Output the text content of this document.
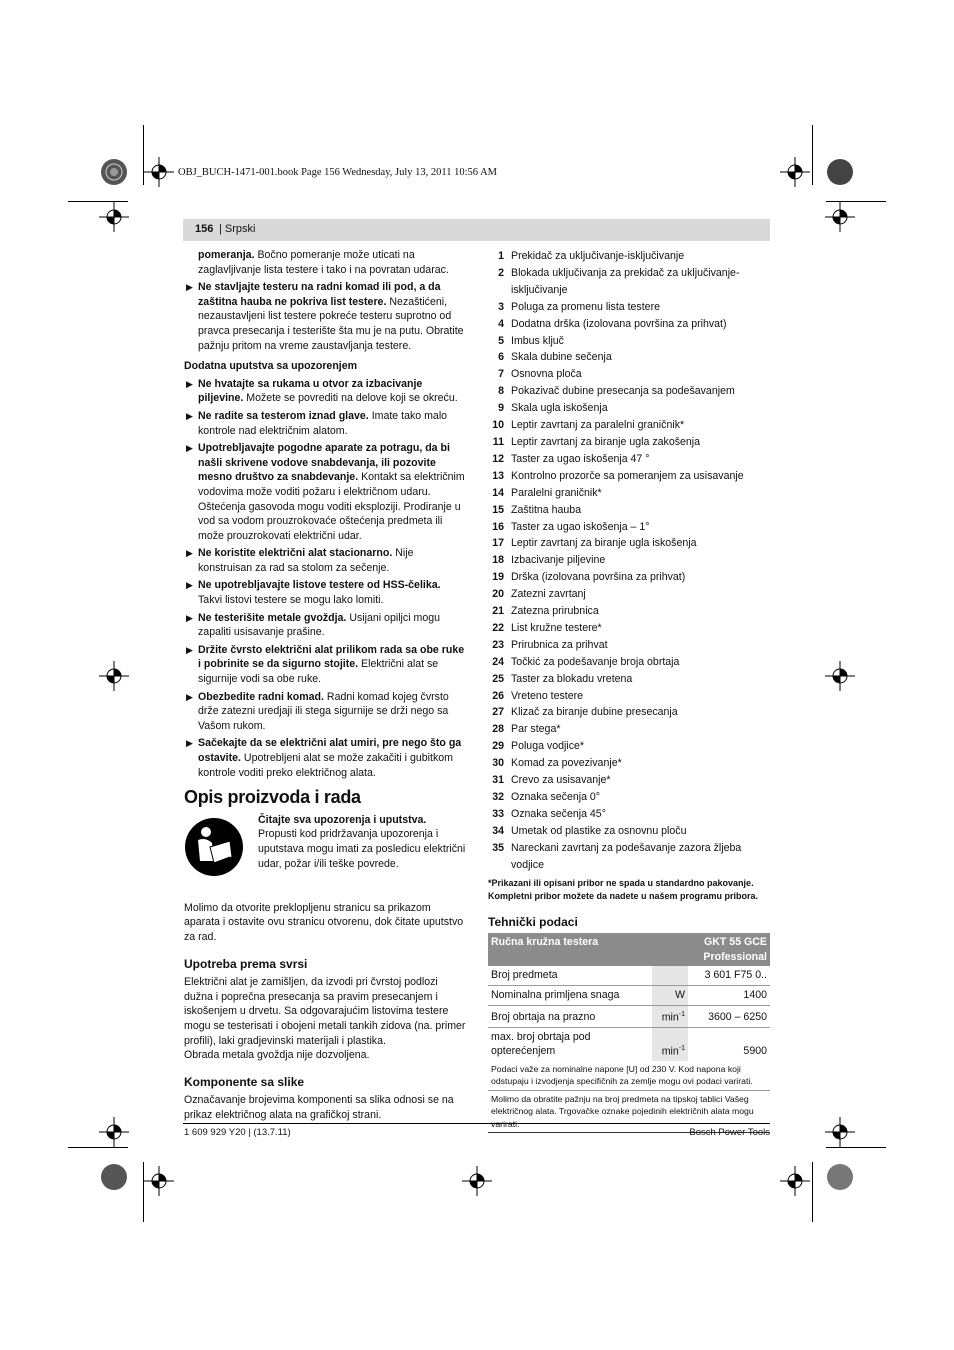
OBJ_BUCH-1471-001.book Page 156 Wednesday, July 13, 2011 10:56 AM
156 | Srpski

pomeranja. Bočno pomeranje može uticati na zaglavljivanje lista testere i tako i na povratan udarac.

▶ Ne stavljajte testeru na radni komad ili pod, a da zaštitna hauba ne pokriva list testere. Nezaštićeni, nezaustavljeni list testere pokreće testeru suprotno od pravca presecanja i testerište šta mu je na putu. Obratite pažnju pritom na vreme zaustavljanja testere.

Dodatna uputstva sa upozorenjem

▶ Ne hvatajte sa rukama u otvor za izbacivanje piljevine. Možete se povrediti na delove koji se okreću.

▶ Ne radite sa testerom iznad glave. Imate tako malo kontrole nad električnim alatom.

▶ Upotrebljavajte pogodne aparate za potragu, da bi našli skrivene vodove snabdevanja, ili pozovite mesno društvo za snabdevanje. Kontakt sa električnim vodovima može voditi požaru i električnom udaru. Oštećenja gasovoda mogu voditi eksploziji. Prodiranje u vod sa vodom prouzrokovaće oštećenja predmeta ili može prouzrokovati električni udar.

▶ Ne koristite električni alat stacionarno. Nije konstruisan za rad sa stolom za sečenje.

▶ Ne upotrebljavajte listove testere od HSS-čelika. Takvi listovi testere se mogu lako lomiti.

▶ Ne testerišite metale gvoždja. Usijani opiljci mogu zapaliti usisavanje prašine.

▶ Držite čvrsto električni alat prilikom rada sa obe ruke i pobrinite se da sigurno stojite. Električni alat se sigurnije vodi sa obe ruke.

▶ Obezbedite radni komad. Radni komad kojeg čvrsto drže zatezni uredjaji ili stega sigurnije se drži nego sa Vašom rukom.

▶ Sačekajte da se električni alat umiri, pre nego što ga ostavite. Upotrebljeni alat se može zakačiti i gubitkom kontrole voditi preko električnog alata.

Opis proizvoda i rada

Čitajte sva upozorenja i uputstva. Propusti kod pridržavanja upozorenja i uputstava mogu imati za posledicu električni udar, požar i/ili teške povrede.

Molimo da otvorite preklopljenu stranicu sa prikazom aparata i ostavite ovu stranicu otvorenu, dok čitate uputstvo za rad.

Upotreba prema svrsi

Električni alat je zamišljen, da izvodi pri čvrstoj podlozi dužna i poprečna presecanja sa pravim presecanjem i iskošenjem u drvetu. Sa odgovarajućim listovima testere mogu se testerisati i obojeni metali tankih zidova (na. primer profili), laki gradjevinski materijali i plastika.

Obrada metala gvoždja nije dozvoljena.

Komponente sa slike

Označavanje brojevima komponenti sa slika odnosi se na prikaz električnog alata na grafičkoj strani.

1 Prekidač za uključivanje-isključivanje
2 Blokada uključivanja za prekidač za uključivanje-isključivanje
3 Poluga za promenu lista testere
4 Dodatna drška (izolovana površina za prihvat)
5 Imbus ključ
6 Skala dubine sečenja
7 Osnovna ploča
8 Pokazivač dubine presecanja sa podešavanjem
9 Skala ugla iskošenja
10 Leptir zavrtanj za paralelni graničnik*
11 Leptir zavrtanj za biranje ugla zakošenja
12 Taster za ugao iskošenja 47 °
13 Kontrolno prozorče sa pomeranjem za usisavanje
14 Paralelni graničnik*
15 Zaštitna hauba
16 Taster za ugao iskošenja – 1°
17 Leptir zavrtanj za biranje ugla iskošenja
18 Izbacivanje piljevine
19 Drška (izolovana površina za prihvat)
20 Zatezni zavrtanj
21 Zatezna prirubnica
22 List kružne testere*
23 Prirubnica za prihvat
24 Točkić za podešavanje broja obrtaja
25 Taster za blokadu vretena
26 Vreteno testere
27 Klizač za biranje dubine presecanja
28 Par stega*
29 Poluga vodjice*
30 Komad za povezivanje*
31 Crevo za usisavanje*
32 Oznaka sečenja 0°
33 Oznaka sečenja 45°
34 Umetak od plastike za osnovnu ploču
35 Nareckani zavrtanj za podešavanje zazora žljeba vodjice

*Prikazani ili opisani pribor ne spada u standardno pakovanje. Kompletni pribor možete da nadete u našem programu pribora.

Tehnički podaci

Ručna kružna testera		GKT 55 GCE
Professional
Broj predmeta		3 601 F75 0..
Nominalna primljena snaga	W	1400
Broj obrtaja na prazno	$\min^{-1}$	3600 – 6250
max. broj obrtaja pod
opterećenjem	$\min^{-1}$	5900
Podaci važe za nominalne napone [U] od 230 V. Kod napona koji odstupaju i izvodjenja specifičnih za zemlje mogu ovi podaci varirati.		
Molimo da obratite pažnju na broj predmeta na tipskoj tablici Vašeg električnog alata. Trgovačke oznake pojedinih električnih alata mogu		
1 609 929 Y20 | (13.7.11)	Bosch Power Tools
